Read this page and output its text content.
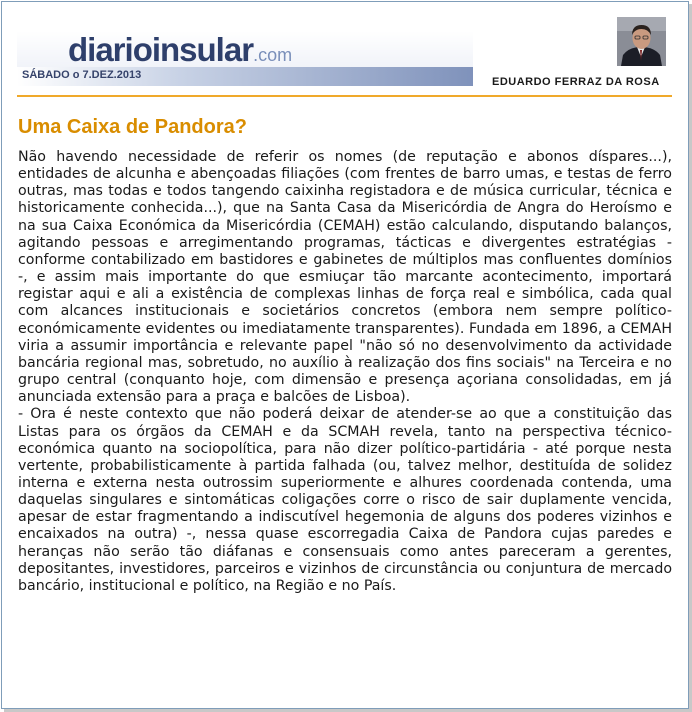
diarioinsular.com
SÁBADO o 7.DEZ.2013
EDUARDO FERRAZ DA ROSA
Uma Caixa de Pandora?

Não havendo necessidade de referir os nomes (de reputação e abonos díspares...), entidades de alcunha e abençoadas filiações (com frentes de barro umas, e testas de ferro outras, mas todas e todos tangendo caixinha registadora e de música curricular, técnica e historicamente conhecida...), que na Santa Casa da Misericórdia de Angra do Heroísmo e na sua Caixa Económica da Misericórdia (CEMAH) estão calculando, disputando balanços, agitando pessoas e arregimentando programas, tácticas e divergentes estratégias - conforme contabilizado em bastidores e gabinetes de múltiplos mas confluentes domínios -, e assim mais importante do que esmiuçar tão marcante acontecimento, importará registar aqui e ali a existência de complexas linhas de força real e simbólica, cada qual com alcances institucionais e societários concretos (embora nem sempre político-económicamente evidentes ou imediatamente transparentes). Fundada em 1896, a CEMAH viria a assumir importância e relevante papel "não só no desenvolvimento da actividade bancária regional mas, sobretudo, no auxílio à realização dos fins sociais" na Terceira e no grupo central (conquanto hoje, com dimensão e presença açoriana consolidadas, em já anunciada extensão para a praça e balcões de Lisboa).

- Ora é neste contexto que não poderá deixar de atender-se ao que a constituição das Listas para os órgãos da CEMAH e da SCMAH revela, tanto na perspectiva técnico-económica quanto na sociopolítica, para não dizer político-partidária - até porque nesta vertente, probabilisticamente à partida falhada (ou, talvez melhor, destituída de solidez interna e externa nesta outrossim superiormente e alhures coordenada contenda, uma daquelas singulares e sintomáticas coligações corre o risco de sair duplamente vencida, apesar de estar fragmentando a indiscutível hegemonia de alguns dos poderes vizinhos e encaixados na outra) -, nessa quase escorregadia Caixa de Pandora cujas paredes e heranças não serão tão diáfanas e consensuais como antes pareceram a gerentes, depositantes, investidores, parceiros e vizinhos de circunstância ou conjuntura de mercado bancário, institucional e político, na Região e no País.
